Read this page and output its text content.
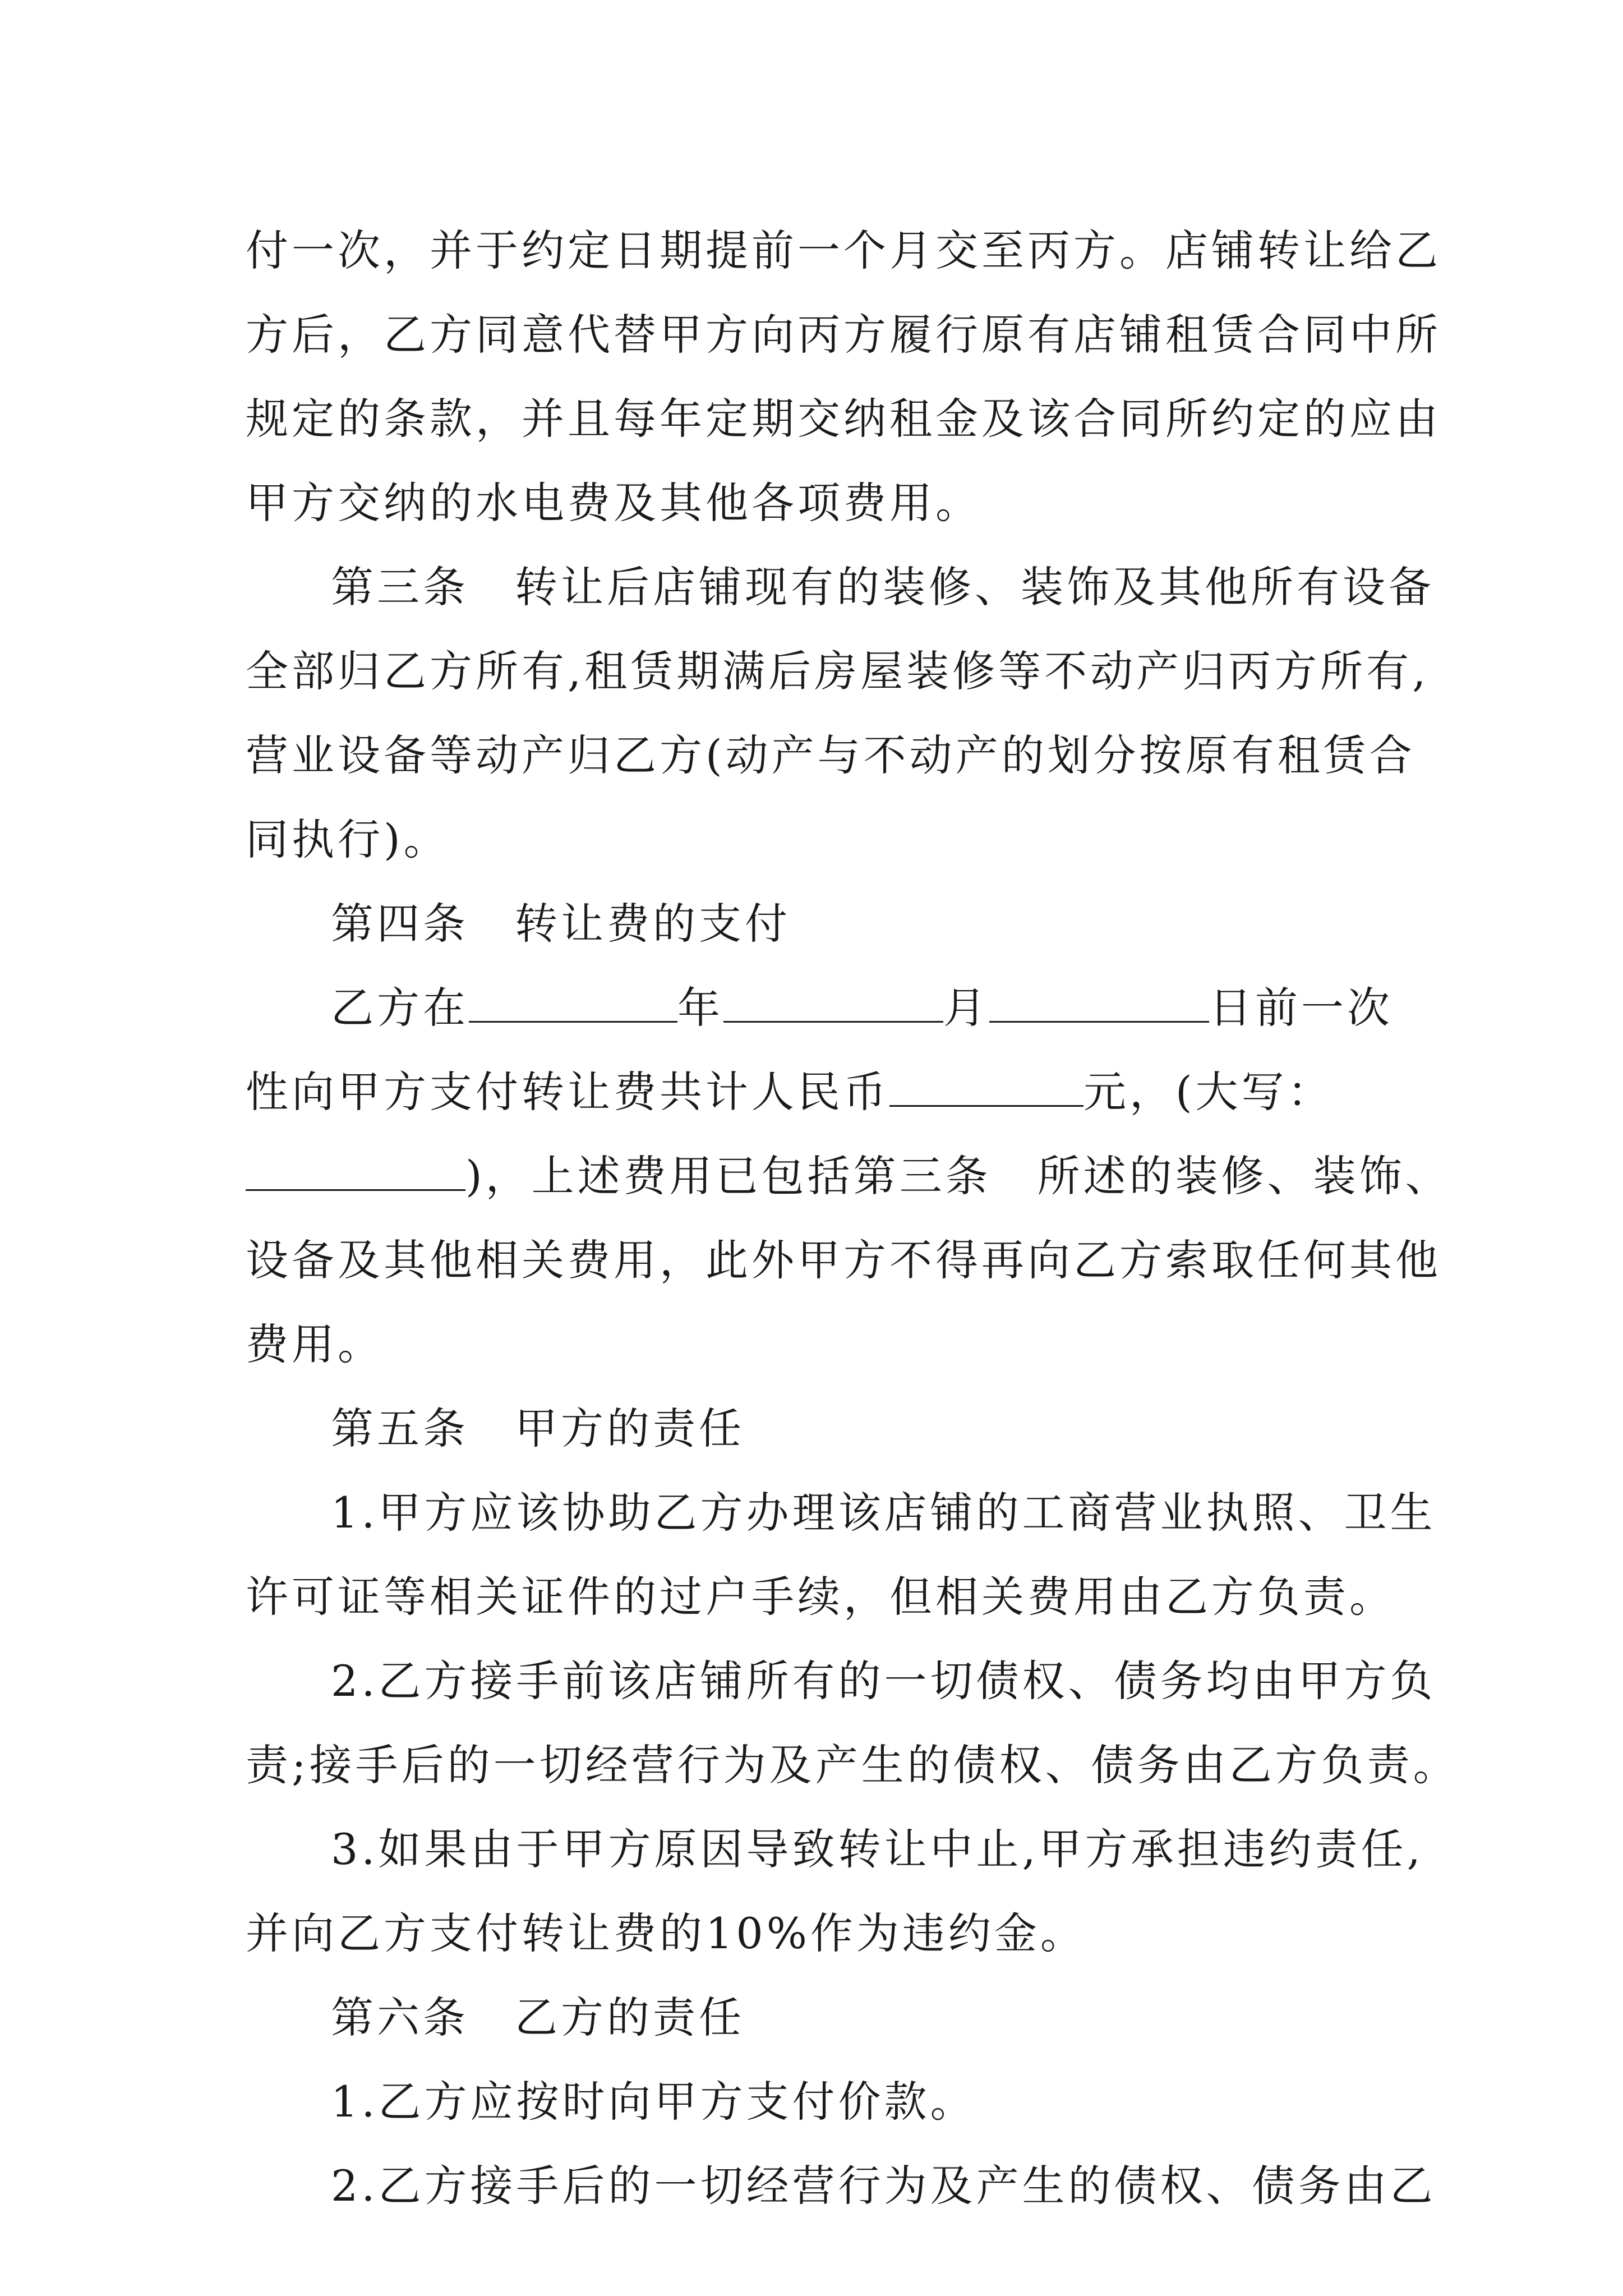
付一次，并于约定日期提前一个月交至丙方。店铺转让给乙

方后，乙方同意代替甲方向丙方履行原有店铺租赁合同中所

规定的条款，并且每年定期交纳租金及该合同所约定的应由

甲方交纳的水电费及其他各项费用。

第三条　转让后店铺现有的装修、装饰及其他所有设备

全部归乙方所有,租赁期满后房屋装修等不动产归丙方所有,

营业设备等动产归乙方(动产与不动产的划分按原有租赁合

同执行)。

第四条　转让费的支付

乙方在	年	月	日前一次

性向甲方支付转让费共计人民币	元，(大写：

)，上述费用已包括第三条　所述的装修、装饰、

设备及其他相关费用，此外甲方不得再向乙方索取任何其他

费用。

第五条　甲方的责任

1.甲方应该协助乙方办理该店铺的工商营业执照、卫生

许可证等相关证件的过户手续，但相关费用由乙方负责。

2.乙方接手前该店铺所有的一切债权、债务均由甲方负

责;接手后的一切经营行为及产生的债权、债务由乙方负责。

3.如果由于甲方原因导致转让中止,甲方承担违约责任,

并向乙方支付转让费的10%作为违约金。

第六条　乙方的责任

1.乙方应按时向甲方支付价款。

2.乙方接手后的一切经营行为及产生的债权、债务由乙
